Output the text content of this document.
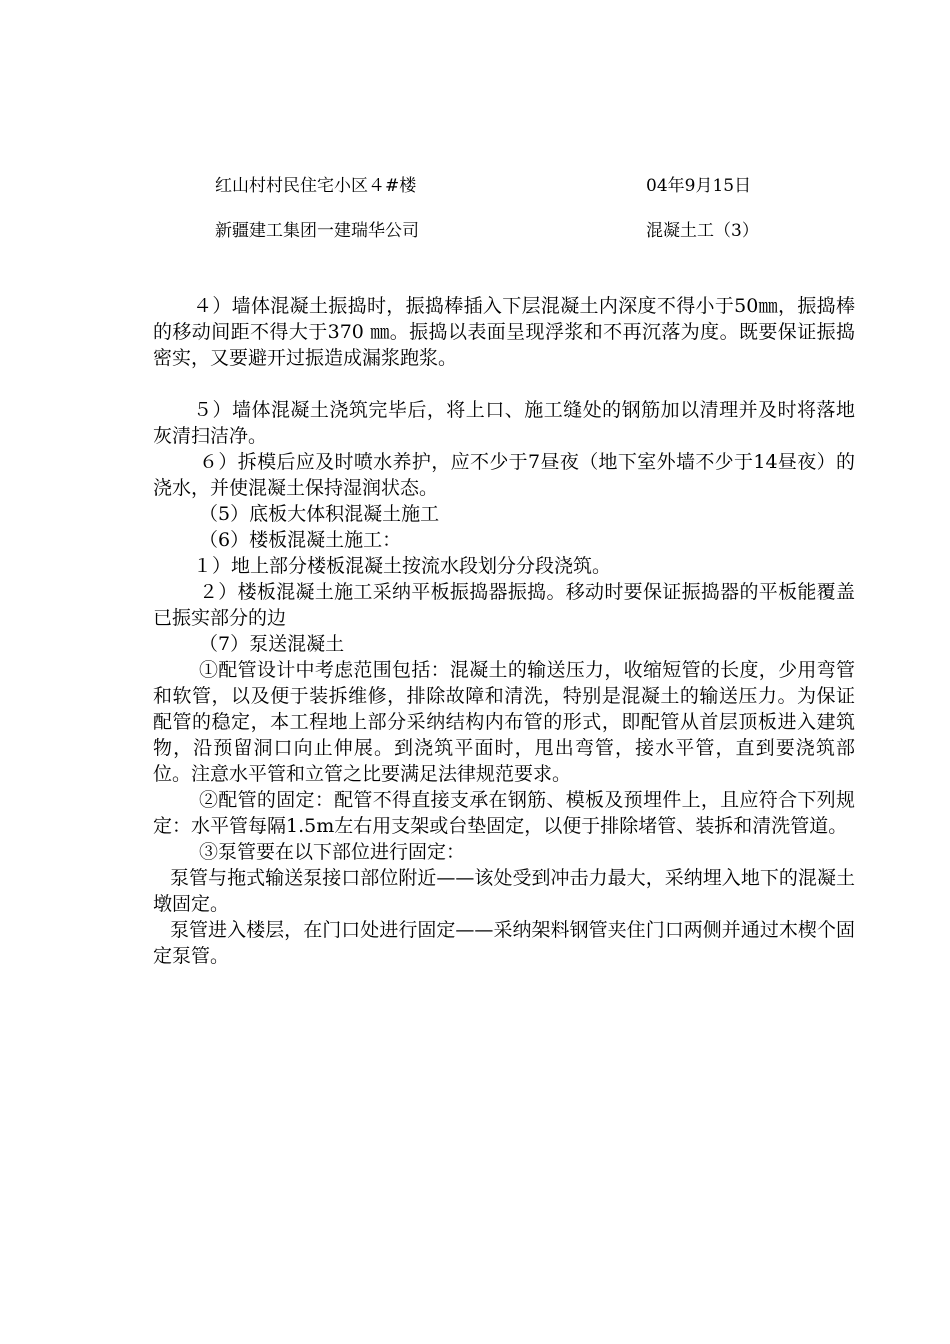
红山村村民住宅小区４#楼	04年9月15日
新疆建工集团一建瑞华公司	混凝土工（3）

４）墙体混凝土振捣时，振捣棒插入下层混凝土内深度不得小于50㎜，振捣棒的移动间距不得大于370 ㎜。振捣以表面呈现浮浆和不再沉落为度。既要保证振捣密实，又要避开过振造成漏浆跑浆。

５）墙体混凝土浇筑完毕后，将上口、施工缝处的钢筋加以清理并及时将落地灰清扫洁净。

６）拆模后应及时喷水养护，应不少于7昼夜（地下室外墙不少于14昼夜）的浇水，并使混凝土保持湿润状态。

（5）底板大体积混凝土施工

（6）楼板混凝土施工：

１）地上部分楼板混凝土按流水段划分分段浇筑。

２）楼板混凝土施工采纳平板振捣器振捣。移动时要保证振捣器的平板能覆盖已振实部分的边

（7）泵送混凝土

①配管设计中考虑范围包括：混凝土的输送压力，收缩短管的长度，少用弯管和软管，以及便于装拆维修，排除故障和清洗，特别是混凝土的输送压力。为保证配管的稳定，本工程地上部分采纳结构内布管的形式，即配管从首层顶板进入建筑物，沿预留洞口向止伸展。到浇筑平面时，甩出弯管，接水平管，直到要浇筑部位。注意水平管和立管之比要满足法律规范要求。

②配管的固定：配管不得直接支承在钢筋、模板及预埋件上，且应符合下列规定：水平管每隔1.5m左右用支架或台垫固定，以便于排除堵管、装拆和清洗管道。

③泵管要在以下部位进行固定：

泵管与拖式输送泵接口部位附近——该处受到冲击力最大，采纳埋入地下的混凝土墩固定。

泵管进入楼层，在门口处进行固定——采纳架料钢管夹住门口两侧并通过木楔个固定泵管。
